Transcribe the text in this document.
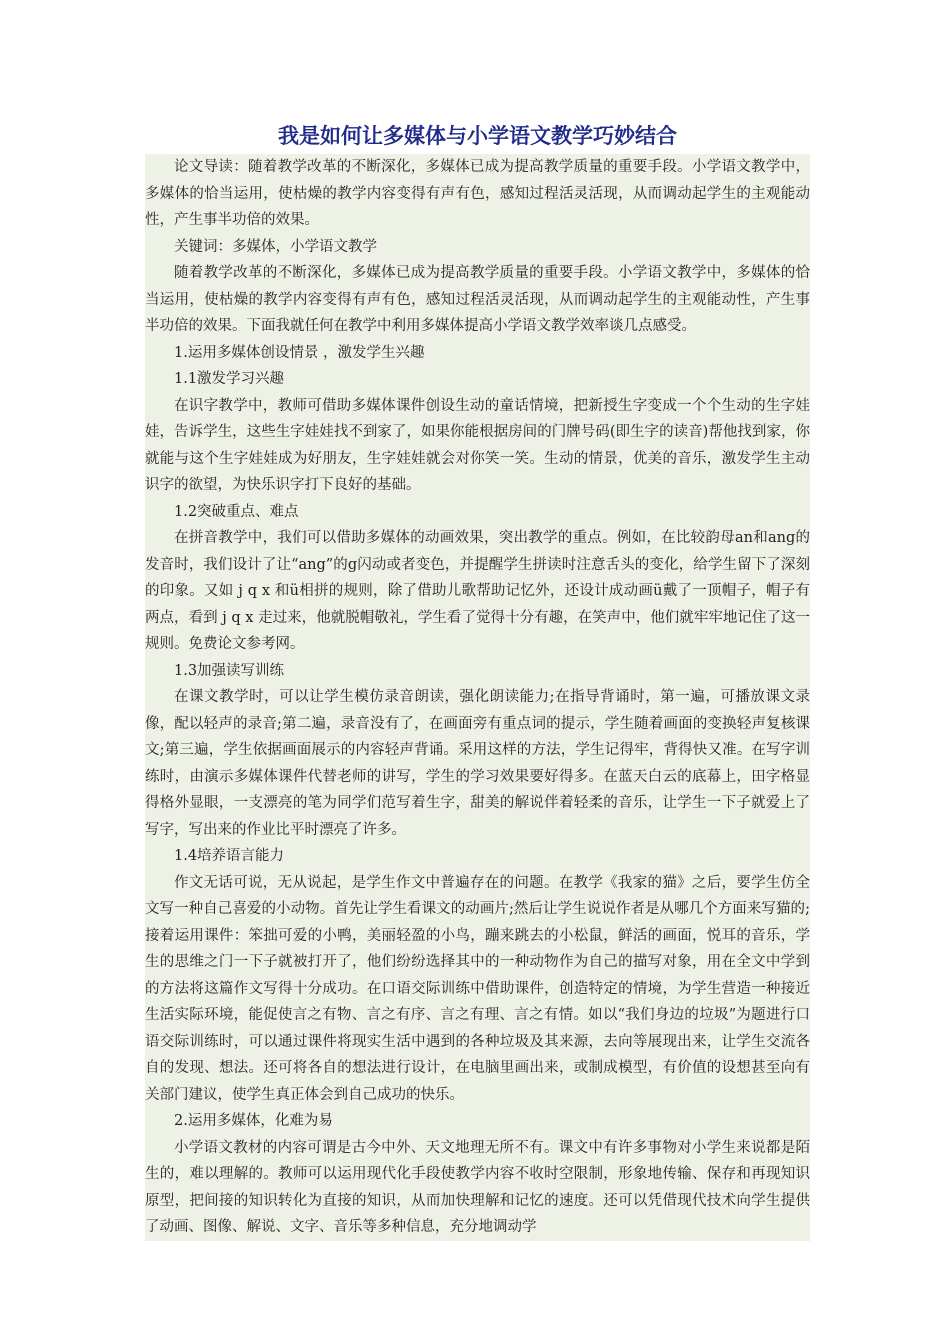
我是如何让多媒体与小学语文教学巧妙结合

论文导读：随着教学改革的不断深化，多媒体已成为提高教学质量的重要手段。小学语文教学中，多媒体的恰当运用，使枯燥的教学内容变得有声有色，感知过程活灵活现，从而调动起学生的主观能动性，产生事半功倍的效果。

关键词：多媒体，小学语文教学

随着教学改革的不断深化，多媒体已成为提高教学质量的重要手段。小学语文教学中，多媒体的恰当运用，使枯燥的教学内容变得有声有色，感知过程活灵活现，从而调动起学生的主观能动性，产生事半功倍的效果。下面我就任何在教学中利用多媒体提高小学语文教学效率谈几点感受。

1.运用多媒体创设情景 ，激发学生兴趣

1.1激发学习兴趣

在识字教学中，教师可借助多媒体课件创设生动的童话情境，把新授生字变成一个个生动的生字娃娃，告诉学生，这些生字娃娃找不到家了，如果你能根据房间的门牌号码(即生字的读音)帮他找到家，你就能与这个生字娃娃成为好朋友，生字娃娃就会对你笑一笑。生动的情景，优美的音乐，激发学生主动识字的欲望，为快乐识字打下良好的基础。

1.2突破重点、难点

在拼音教学中，我们可以借助多媒体的动画效果，突出教学的重点。例如，在比较韵母an和ang的发音时，我们设计了让“ang”的g闪动或者变色，并提醒学生拼读时注意舌头的变化，给学生留下了深刻的印象。又如 j q x 和ü相拼的规则，除了借助儿歌帮助记忆外，还设计成动画ü戴了一顶帽子，帽子有两点，看到 j q x 走过来，他就脱帽敬礼，学生看了觉得十分有趣，在笑声中，他们就牢牢地记住了这一规则。免费论文参考网。

1.3加强读写训练

在课文教学时，可以让学生模仿录音朗读，强化朗读能力;在指导背诵时，第一遍，可播放课文录像，配以轻声的录音;第二遍，录音没有了，在画面旁有重点词的提示，学生随着画面的变换轻声复核课文;第三遍，学生依据画面展示的内容轻声背诵。采用这样的方法，学生记得牢，背得快又准。在写字训练时，由演示多媒体课件代替老师的讲写，学生的学习效果要好得多。在蓝天白云的底幕上，田字格显得格外显眼，一支漂亮的笔为同学们范写着生字，甜美的解说伴着轻柔的音乐，让学生一下子就爱上了写字，写出来的作业比平时漂亮了许多。

1.4培养语言能力

作文无话可说，无从说起，是学生作文中普遍存在的问题。在教学《我家的猫》之后，要学生仿全文写一种自己喜爱的小动物。首先让学生看课文的动画片;然后让学生说说作者是从哪几个方面来写猫的;接着运用课件：笨拙可爱的小鸭，美丽轻盈的小鸟，蹦来跳去的小松鼠，鲜活的画面，悦耳的音乐，学生的思维之门一下子就被打开了，他们纷纷选择其中的一种动物作为自己的描写对象，用在全文中学到的方法将这篇作文写得十分成功。在口语交际训练中借助课件，创造特定的情境，为学生营造一种接近生活实际环境，能促使言之有物、言之有序、言之有理、言之有情。如以“我们身边的垃圾”为题进行口语交际训练时，可以通过课件将现实生活中遇到的各种垃圾及其来源，去向等展现出来，让学生交流各自的发现、想法。还可将各自的想法进行设计，在电脑里画出来，或制成模型，有价值的设想甚至向有关部门建议，使学生真正体会到自己成功的快乐。

2.运用多媒体，化难为易

小学语文教材的内容可谓是古今中外、天文地理无所不有。课文中有许多事物对小学生来说都是陌生的，难以理解的。教师可以运用现代化手段使教学内容不收时空限制，形象地传输、保存和再现知识原型，把间接的知识转化为直接的知识，从而加快理解和记忆的速度。还可以凭借现代技术向学生提供了动画、图像、解说、文字、音乐等多种信息，充分地调动学
